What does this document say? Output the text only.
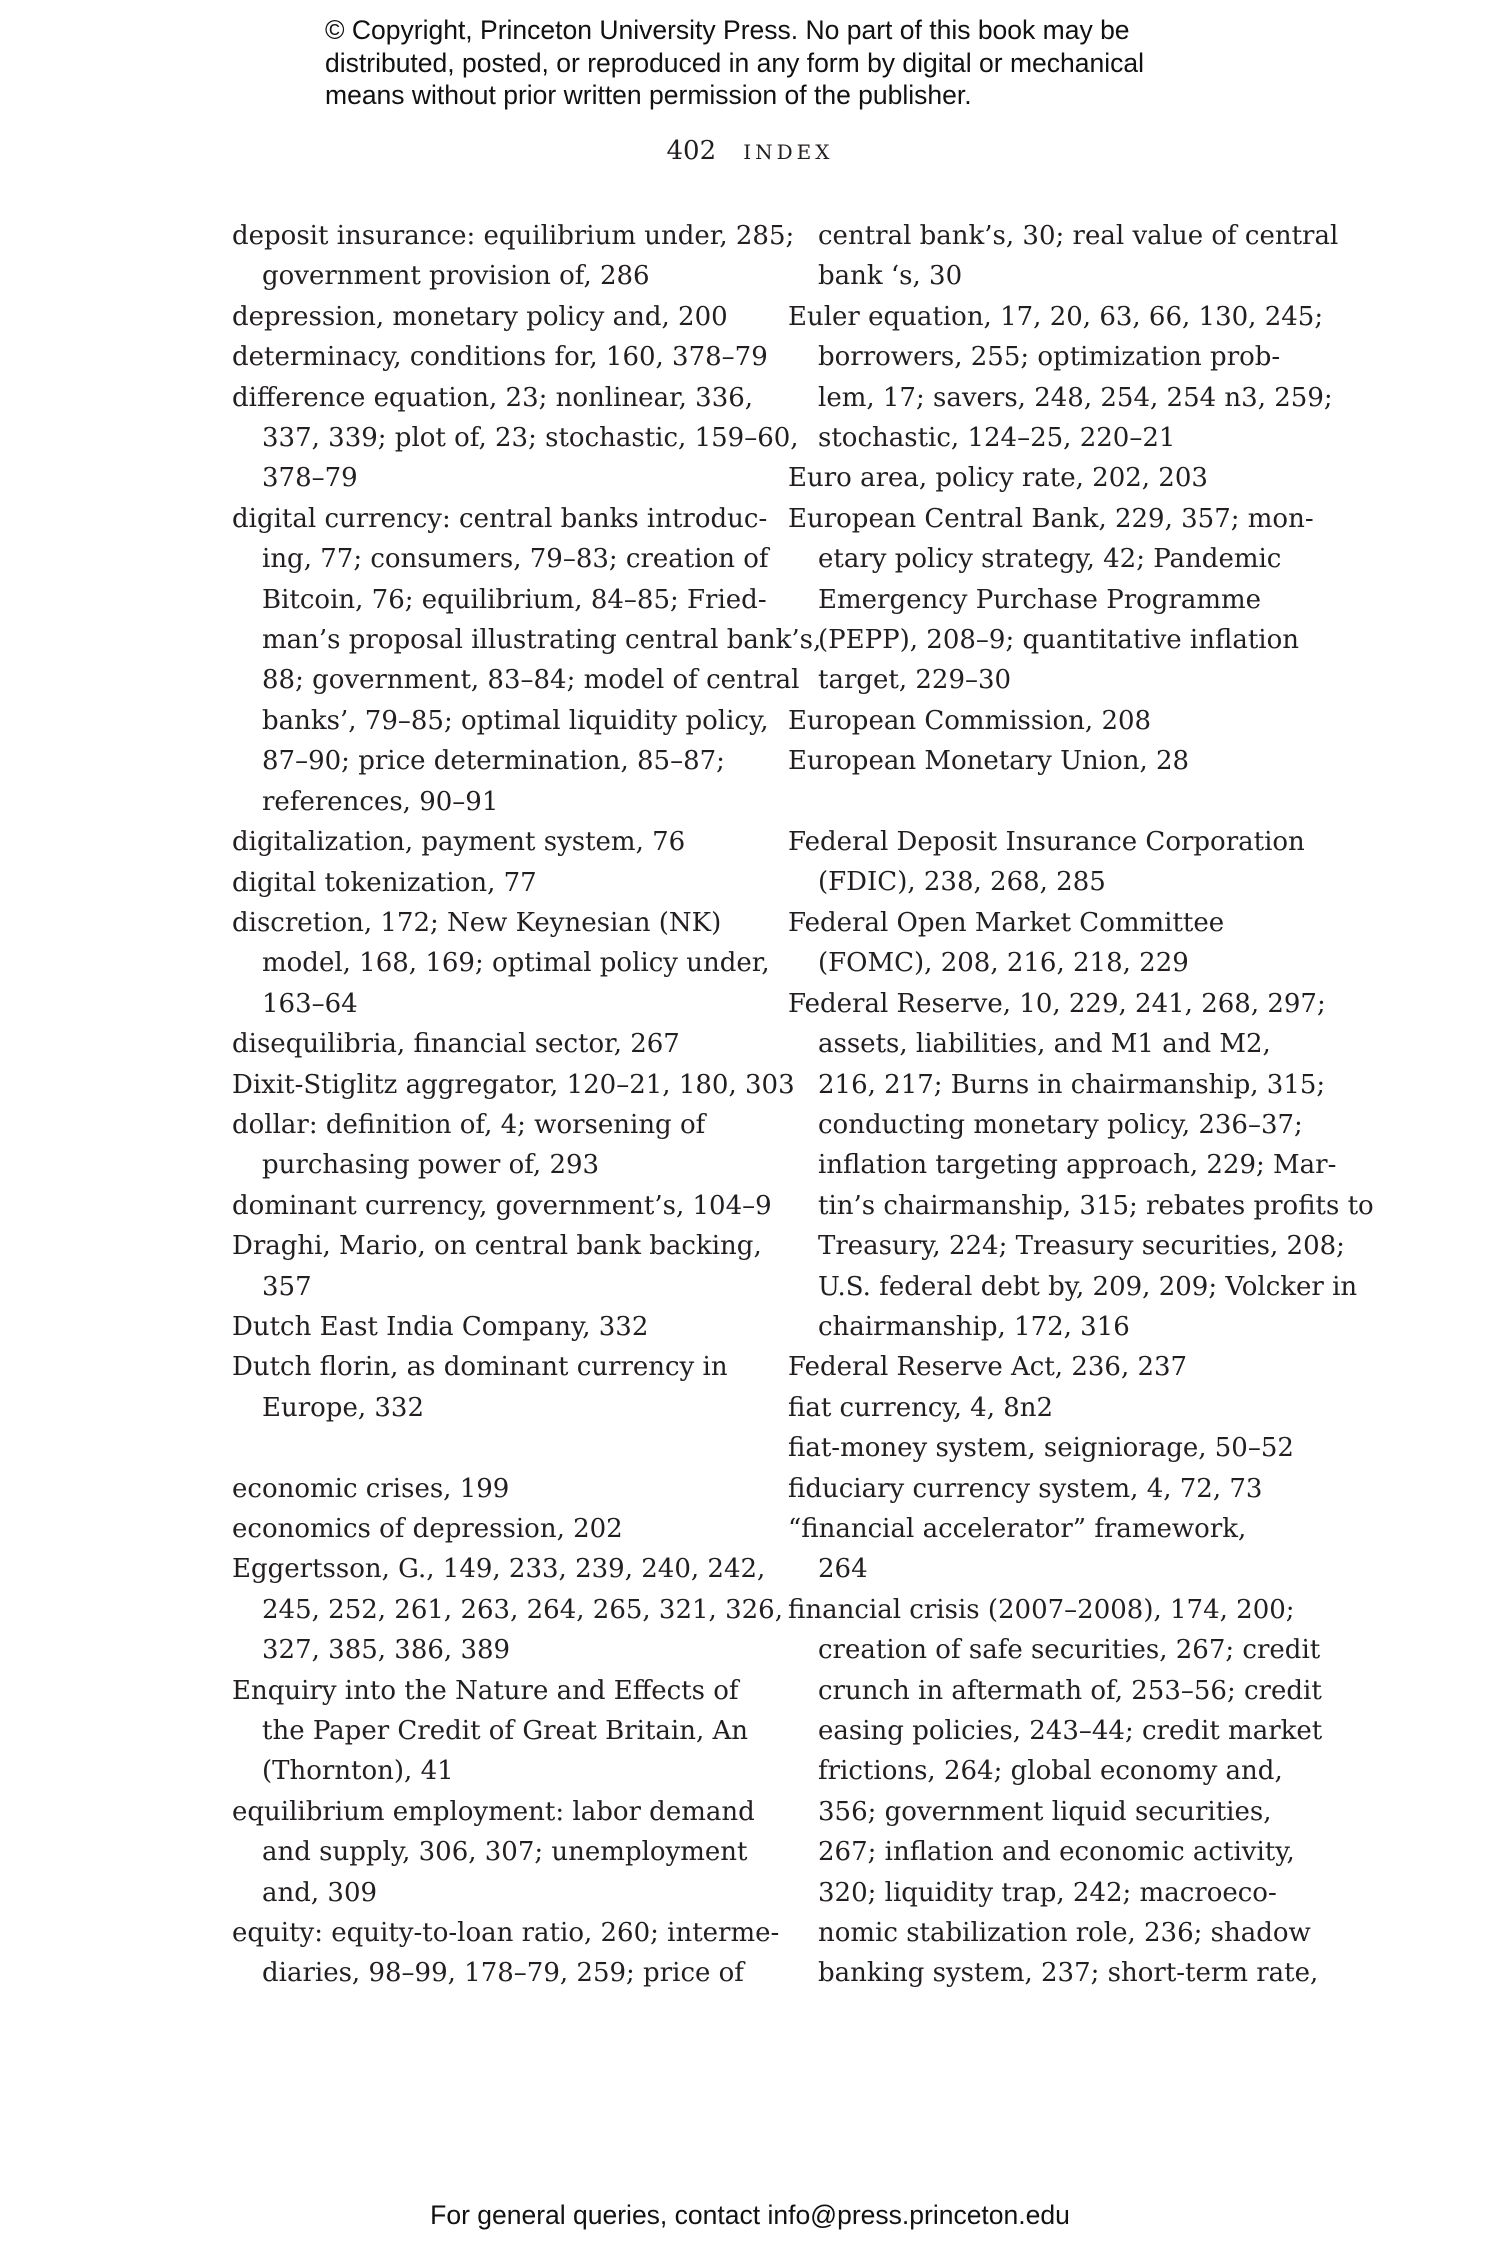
© Copyright, Princeton University Press. No part of this book may be
distributed, posted, or reproduced in any form by digital or mechanical
means without prior written permission of the publisher.
402 INDEX
deposit insurance: equilibrium under, 285;
government provision of, 286
depression, monetary policy and, 200
determinacy, conditions for, 160, 378–79
difference equation, 23; nonlinear, 336,
337, 339; plot of, 23; stochastic, 159–60,
378–79
digital currency: central banks introduc-
ing, 77; consumers, 79–83; creation of
Bitcoin, 76; equilibrium, 84–85; Fried-
man’s proposal illustrating central bank’s,
88; government, 83–84; model of central
banks’, 79–85; optimal liquidity policy,
87–90; price determination, 85–87;
references, 90–91
digitalization, payment system, 76
digital tokenization, 77
discretion, 172; New Keynesian (NK)
model, 168, 169; optimal policy under,
163–64
disequilibria, financial sector, 267
Dixit-Stiglitz aggregator, 120–21, 180, 303
dollar: definition of, 4; worsening of
purchasing power of, 293
dominant currency, government’s, 104–9
Draghi, Mario, on central bank backing,
357
Dutch East India Company, 332
Dutch florin, as dominant currency in
Europe, 332
economic crises, 199
economics of depression, 202
Eggertsson, G., 149, 233, 239, 240, 242,
245, 252, 261, 263, 264, 265, 321, 326,
327, 385, 386, 389
Enquiry into the Nature and Effects of
the Paper Credit of Great Britain, An
(Thornton), 41
equilibrium employment: labor demand
and supply, 306, 307; unemployment
and, 309
equity: equity-to-loan ratio, 260; interme-
diaries, 98–99, 178–79, 259; price of
central bank’s, 30; real value of central
bank ‘s, 30
Euler equation, 17, 20, 63, 66, 130, 245;
borrowers, 255; optimization prob-
lem, 17; savers, 248, 254, 254 n3, 259;
stochastic, 124–25, 220–21
Euro area, policy rate, 202, 203
European Central Bank, 229, 357; mon-
etary policy strategy, 42; Pandemic
Emergency Purchase Programme
(PEPP), 208–9; quantitative inflation
target, 229–30
European Commission, 208
European Monetary Union, 28
Federal Deposit Insurance Corporation
(FDIC), 238, 268, 285
Federal Open Market Committee
(FOMC), 208, 216, 218, 229
Federal Reserve, 10, 229, 241, 268, 297;
assets, liabilities, and M1 and M2,
216, 217; Burns in chairmanship, 315;
conducting monetary policy, 236–37;
inflation targeting approach, 229; Mar-
tin’s chairmanship, 315; rebates profits to
Treasury, 224; Treasury securities, 208;
U.S. federal debt by, 209, 209; Volcker in
chairmanship, 172, 316
Federal Reserve Act, 236, 237
fiat currency, 4, 8n2
fiat-money system, seigniorage, 50–52
fiduciary currency system, 4, 72, 73
“financial accelerator” framework,
264
financial crisis (2007–2008), 174, 200;
creation of safe securities, 267; credit
crunch in aftermath of, 253–56; credit
easing policies, 243–44; credit market
frictions, 264; global economy and,
356; government liquid securities,
267; inflation and economic activity,
320; liquidity trap, 242; macroeco-
nomic stabilization role, 236; shadow
banking system, 237; short-term rate,
For general queries, contact info@press.princeton.edu
